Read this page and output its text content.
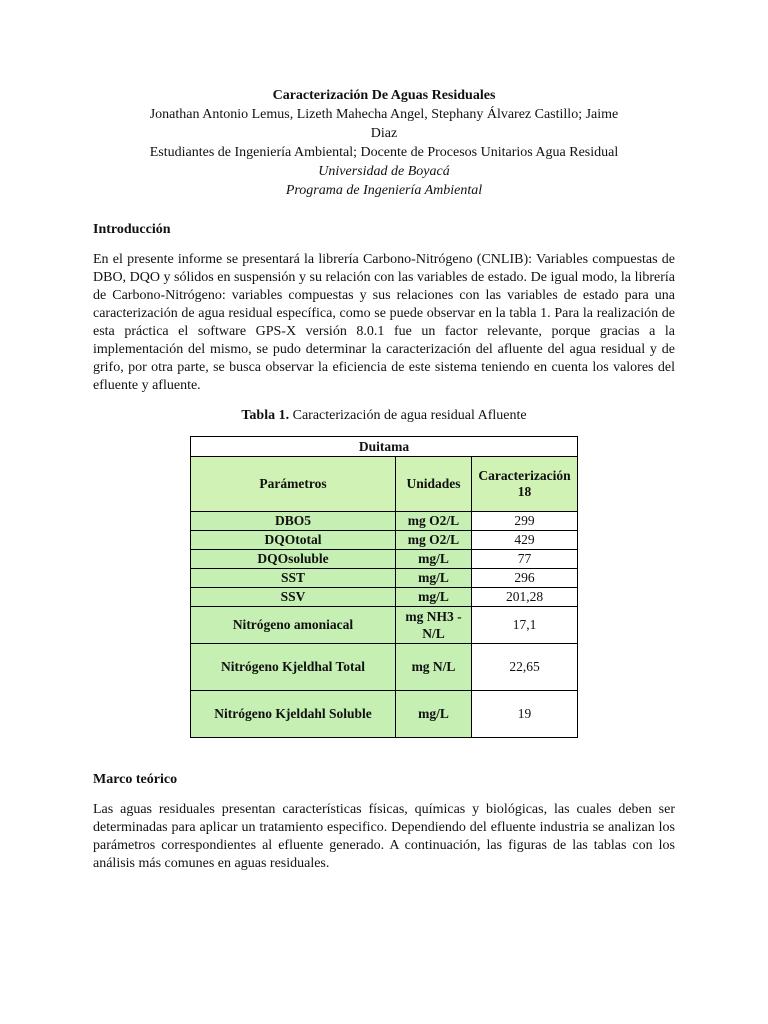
Caracterización De Aguas Residuales
Jonathan Antonio Lemus, Lizeth Mahecha Angel, Stephany Álvarez Castillo; Jaime
Diaz
Estudiantes de Ingeniería Ambiental; Docente de Procesos Unitarios Agua Residual
Universidad de Boyacá
Programa de Ingeniería Ambiental
Introducción
En el presente informe se presentará la librería Carbono-Nitrógeno (CNLIB): Variables compuestas de DBO, DQO y sólidos en suspensión y su relación con las variables de estado. De igual modo, la librería de Carbono-Nitrógeno: variables compuestas y sus relaciones con las variables de estado para una caracterización de agua residual específica, como se puede observar en la tabla 1. Para la realización de esta práctica el software GPS-X versión 8.0.1 fue un factor relevante, porque gracias a la implementación del mismo, se pudo determinar la caracterización del afluente del agua residual y de grifo, por otra parte, se busca observar la eficiencia de este sistema teniendo en cuenta los valores del efluente y afluente.
Tabla 1. Caracterización de agua residual Afluente
Duitama		
Parámetros	Unidades	Caracterización 18
DBO5	mg O2/L	299
DQOtotal	mg O2/L	429
DQOsoluble	mg/L	77
SST	mg/L	296
SSV	mg/L	201,28
Nitrógeno amoniacal	mg NH3 - N/L	17,1
Nitrógeno Kjeldhal Total	mg N/L	22,65
Nitrógeno Kjeldahl Soluble	mg/L	19
Marco teórico
Las aguas residuales presentan características físicas, químicas y biológicas, las cuales deben ser determinadas para aplicar un tratamiento especifico. Dependiendo del efluente industria se analizan los parámetros correspondientes al efluente generado. A continuación, las figuras de las tablas con los análisis más comunes en aguas residuales.
